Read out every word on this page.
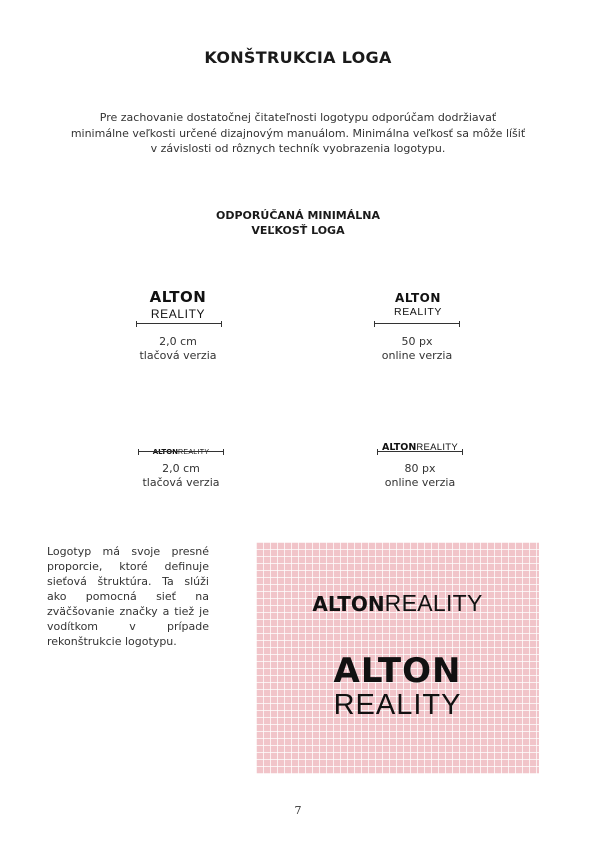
KONŠTRUKCIA LOGA
Pre zachovanie dostatočnej čitateľnosti logotypu odporúčam dodržiavať
minimálne veľkosti určené dizajnovým manuálom. Minimálna veľkosť sa môže líšiť
v závislosti od rôznych techník vyobrazenia logotypu.
ODPORÚČANÁ MINIMÁLNA
VEĽKOSŤ LOGA
ALTON
REALITY
2,0 cm
tlačová verzia
ALTON
REALITY
50 px
online verzia
ALTONREALITY
2,0 cm
tlačová verzia
ALTONREALITY
80 px
online verzia
Logotyp má svoje presné proporcie, ktoré definuje sieťová štruktúra. Ta slúži ako pomocná sieť na zväčšovanie značky a tiež je vodítkom v prípade rekonštrukcie logotypu.
ALTONREALITY
ALTON
REALITY
7
